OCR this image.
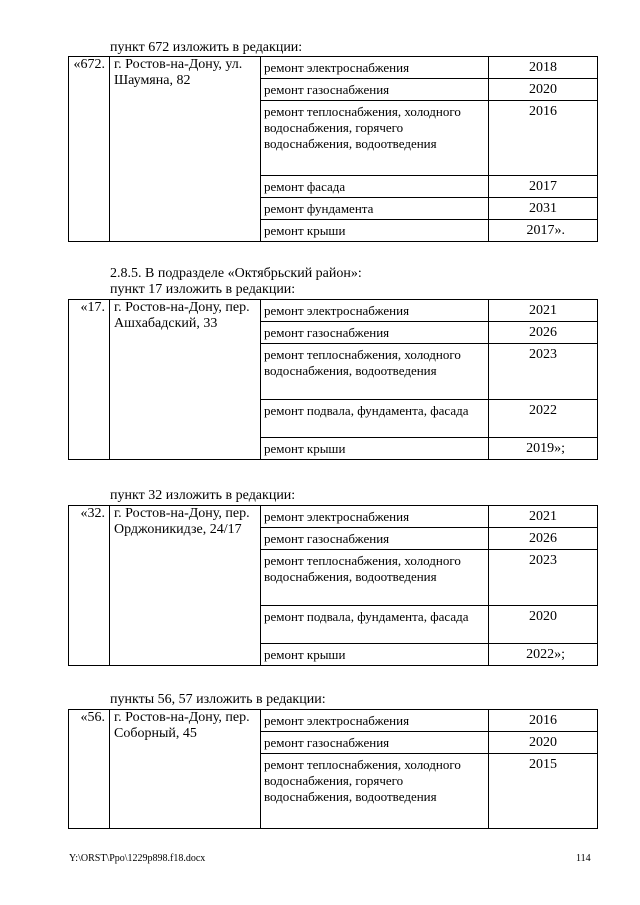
пункт 672 изложить в редакции:
«672.	г. Ростов-на-Дону, ул. Шаумяна, 82	ремонт электроснабжения	2018
		ремонт газоснабжения	2020
		ремонт теплоснабжения, холодного водоснабжения, горячего водоснабжения, водоотведения	2016
		ремонт фасада	2017
		ремонт фундамента	2031
		ремонт крыши	2017».
2.8.5. В подразделе «Октябрьский район»:
пункт 17 изложить в редакции:
«17.	г. Ростов-на-Дону, пер. Ашхабадский, 33	ремонт электроснабжения	2021
		ремонт газоснабжения	2026
		ремонт теплоснабжения, холодного водоснабжения, водоотведения	2023
		ремонт подвала, фундамента, фасада	2022
		ремонт крыши	2019»;
пункт 32 изложить в редакции:
«32.	г. Ростов-на-Дону, пер. Орджоникидзе, 24/17	ремонт электроснабжения	2021
		ремонт газоснабжения	2026
		ремонт теплоснабжения, холодного водоснабжения, водоотведения	2023
		ремонт подвала, фундамента, фасада	2020
		ремонт крыши	2022»;
пункты 56, 57 изложить в редакции:
«56.	г. Ростов-на-Дону, пер. Соборный, 45	ремонт электроснабжения	2016
		ремонт газоснабжения	2020
		ремонт теплоснабжения, холодного водоснабжения, горячего водоснабжения, водоотведения	2015
Y:\ORST\Ppo\1229p898.f18.docx	114
